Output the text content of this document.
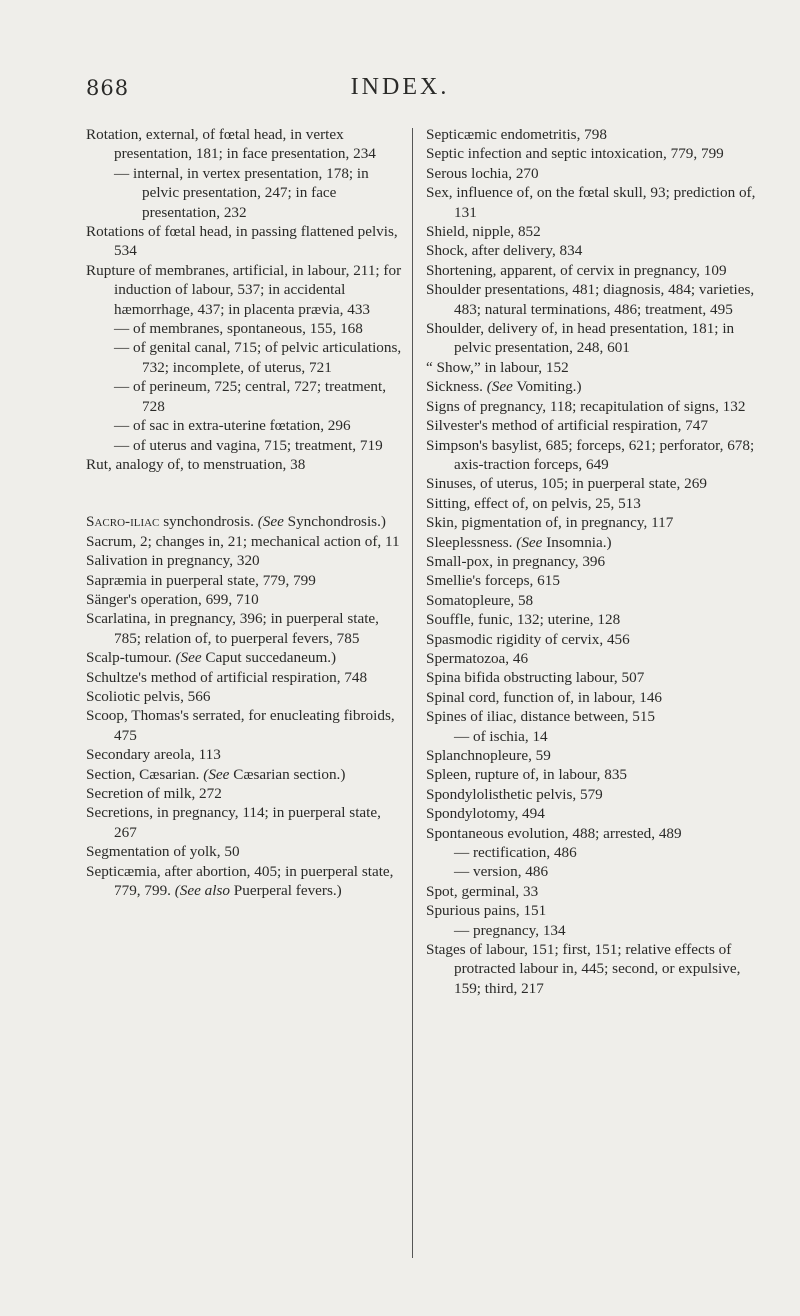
868	INDEX.

Rotation, external, of fœtal head, in vertex presentation, 181; in face presentation, 234

— internal, in vertex presentation, 178; in pelvic presentation, 247; in face presentation, 232

Rotations of fœtal head, in passing flattened pelvis, 534

Rupture of membranes, artificial, in labour, 211; for induction of labour, 537; in accidental hæmorrhage, 437; in placenta prævia, 433

— of membranes, spontaneous, 155, 168

— of genital canal, 715; of pelvic articulations, 732; incomplete, of uterus, 721

— of perineum, 725; central, 727; treatment, 728

— of sac in extra-uterine fœtation, 296

— of uterus and vagina, 715; treatment, 719

Rut, analogy of, to menstruation, 38

Sacro-iliac synchondrosis. (See Synchondrosis.)

Sacrum, 2; changes in, 21; mechanical action of, 11

Salivation in pregnancy, 320

Sapræmia in puerperal state, 779, 799

Sänger's operation, 699, 710

Scarlatina, in pregnancy, 396; in puerperal state, 785; relation of, to puerperal fevers, 785

Scalp-tumour. (See Caput succedaneum.)

Schultze's method of artificial respiration, 748

Scoliotic pelvis, 566

Scoop, Thomas's serrated, for enucleating fibroids, 475

Secondary areola, 113

Section, Cæsarian. (See Cæsarian section.)

Secretion of milk, 272

Secretions, in pregnancy, 114; in puerperal state, 267

Segmentation of yolk, 50

Septicæmia, after abortion, 405; in puerperal state, 779, 799. (See also Puerperal fevers.)

Septicæmic endometritis, 798

Septic infection and septic intoxication, 779, 799

Serous lochia, 270

Sex, influence of, on the fœtal skull, 93; prediction of, 131

Shield, nipple, 852

Shock, after delivery, 834

Shortening, apparent, of cervix in pregnancy, 109

Shoulder presentations, 481; diagnosis, 484; varieties, 483; natural terminations, 486; treatment, 495

Shoulder, delivery of, in head presentation, 181; in pelvic presentation, 248, 601

“ Show,” in labour, 152

Sickness. (See Vomiting.)

Signs of pregnancy, 118; recapitulation of signs, 132

Silvester's method of artificial respiration, 747

Simpson's basylist, 685; forceps, 621; perforator, 678; axis-traction forceps, 649

Sinuses, of uterus, 105; in puerperal state, 269

Sitting, effect of, on pelvis, 25, 513

Skin, pigmentation of, in pregnancy, 117

Sleeplessness. (See Insomnia.)

Small-pox, in pregnancy, 396

Smellie's forceps, 615

Somatopleure, 58

Souffle, funic, 132; uterine, 128

Spasmodic rigidity of cervix, 456

Spermatozoa, 46

Spina bifida obstructing labour, 507

Spinal cord, function of, in labour, 146

Spines of iliac, distance between, 515

— of ischia, 14

Splanchnopleure, 59

Spleen, rupture of, in labour, 835

Spondylolisthetic pelvis, 579

Spondylotomy, 494

Spontaneous evolution, 488; arrested, 489

— rectification, 486

— version, 486

Spot, germinal, 33

Spurious pains, 151

— pregnancy, 134

Stages of labour, 151; first, 151; relative effects of protracted labour in, 445; second, or expulsive, 159; third, 217
